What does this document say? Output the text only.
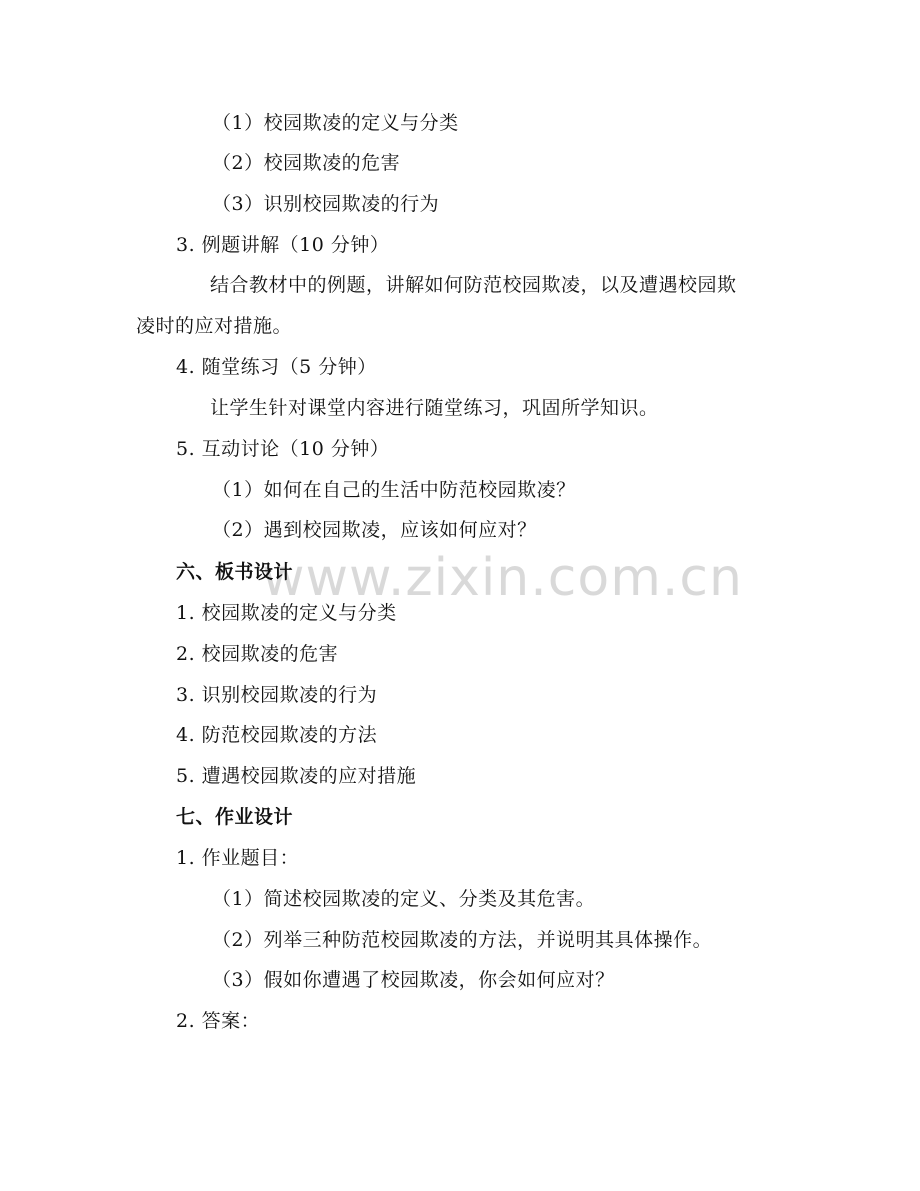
www.zixin.com.cn
（1）校园欺凌的定义与分类
（2）校园欺凌的危害
（3）识别校园欺凌的行为
3. 例题讲解（10 分钟）
结合教材中的例题，讲解如何防范校园欺凌，以及遭遇校园欺
凌时的应对措施。
4. 随堂练习（5 分钟）
让学生针对课堂内容进行随堂练习，巩固所学知识。
5. 互动讨论（10 分钟）
（1）如何在自己的生活中防范校园欺凌？
（2）遇到校园欺凌，应该如何应对？
六、板书设计
1. 校园欺凌的定义与分类
2. 校园欺凌的危害
3. 识别校园欺凌的行为
4. 防范校园欺凌的方法
5. 遭遇校园欺凌的应对措施
七、作业设计
1. 作业题目：
（1）简述校园欺凌的定义、分类及其危害。
（2）列举三种防范校园欺凌的方法，并说明其具体操作。
（3）假如你遭遇了校园欺凌，你会如何应对？
2. 答案：
